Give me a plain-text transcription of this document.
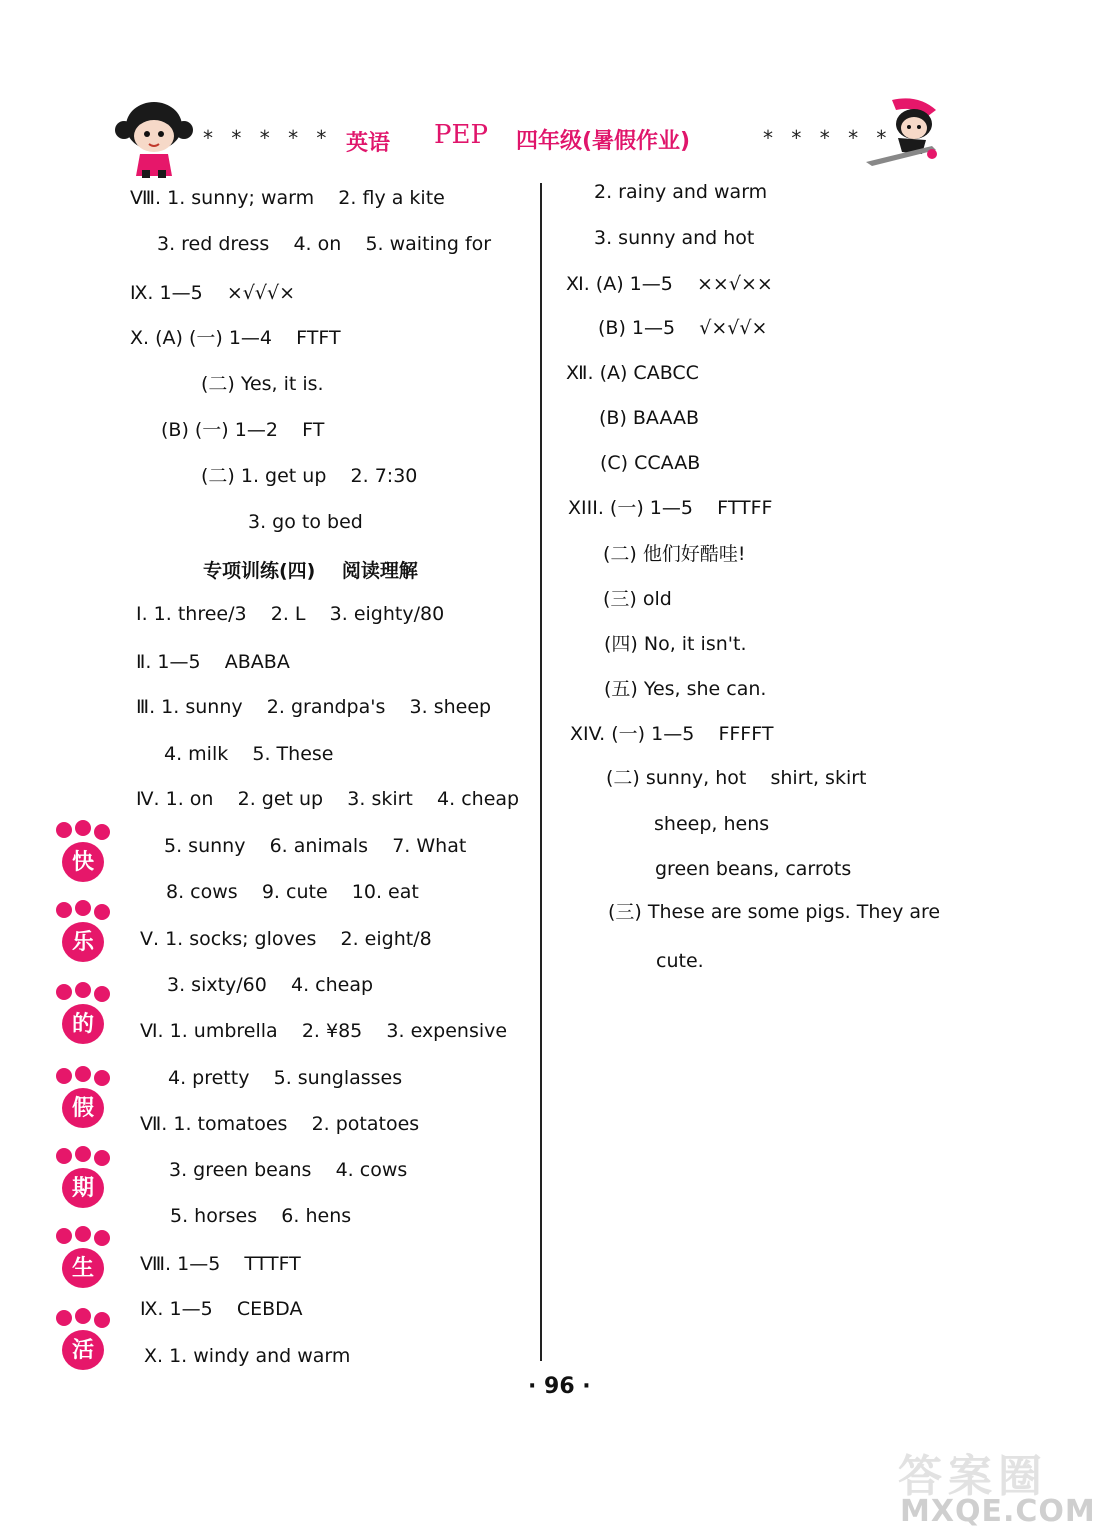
* * * * * 英语 PEP 四年级(暑假作业)	* * * * *
Ⅷ. 1. sunny; warm    2. fly a kite
3. red dress    4. on    5. waiting for
Ⅸ. 1—5    ×√√√×
Ⅹ. (A) (一) 1—4    FTFT
(二) Yes, it is.
(B) (一) 1—2    FT
(二) 1. get up    2. 7:30
3. go to bed
专项训练(四)    阅读理解
Ⅰ. 1. three/3    2. L    3. eighty/80
Ⅱ. 1—5    ABABA
Ⅲ. 1. sunny    2. grandpa's    3. sheep
4. milk    5. These
Ⅳ. 1. on    2. get up    3. skirt    4. cheap
5. sunny    6. animals    7. What
8. cows    9. cute    10. eat
Ⅴ. 1. socks; gloves    2. eight/8
3. sixty/60    4. cheap
Ⅵ. 1. umbrella    2. ¥85    3. expensive
4. pretty    5. sunglasses
Ⅶ. 1. tomatoes    2. potatoes
3. green beans    4. cows
5. horses    6. hens
Ⅷ. 1—5    TTTFT
Ⅸ. 1—5    CEBDA
Ⅹ. 1. windy and warm
2. rainy and warm
3. sunny and hot
Ⅺ. (A) 1—5    ××√××
(B) 1—5    √×√√×
Ⅻ. (A) CABCC
(B) BAAAB
(C) CCAAB
XIII. (一) 1—5    FTTFF
(二) 他们好酷哇!
(三) old
(四) No, it isn't.
(五) Yes, she can.
XIV. (一) 1—5    FFFFT
(二) sunny, hot    shirt, skirt
sheep, hens
green beans, carrots
(三) These are some pigs. They are
cute.
快
乐
的
假
期
生
活
· 96 ·
答案圈
MXQE.COM
